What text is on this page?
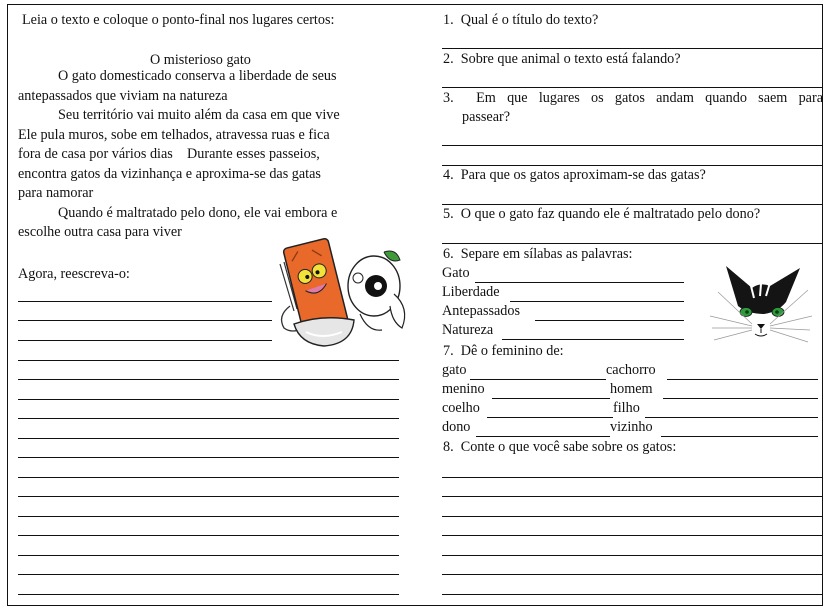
Leia o texto e coloque o ponto-final nos lugares certos:
O misterioso gato
O gato domesticado conserva a liberdade de seus
antepassados que viviam na natureza
Seu território vai muito além da casa em que vive
Ele pula muros, sobe em telhados, atravessa ruas e fica
fora de casa por vários dias    Durante esses passeios,
encontra gatos da vizinhança e aproxima-se das gatas
para namorar
Quando é maltratado pelo dono, ele vai embora e
escolhe outra casa para viver
Agora, reescreva-o:
1. Qual é o título do texto?
2. Sobre que animal o texto está falando?
3. Em que lugares os gatos andam quando saem para
passear?
4. Para que os gatos aproximam-se das gatas?
5. O que o gato faz quando ele é maltratado pelo dono?
6. Separe em sílabas as palavras:
Gato
Liberdade
Antepassados
Natureza
7. Dê o feminino de:
gato	cachorro
menino	homem
coelho	filho
dono	vizinho
8. Conte o que você sabe sobre os gatos:
